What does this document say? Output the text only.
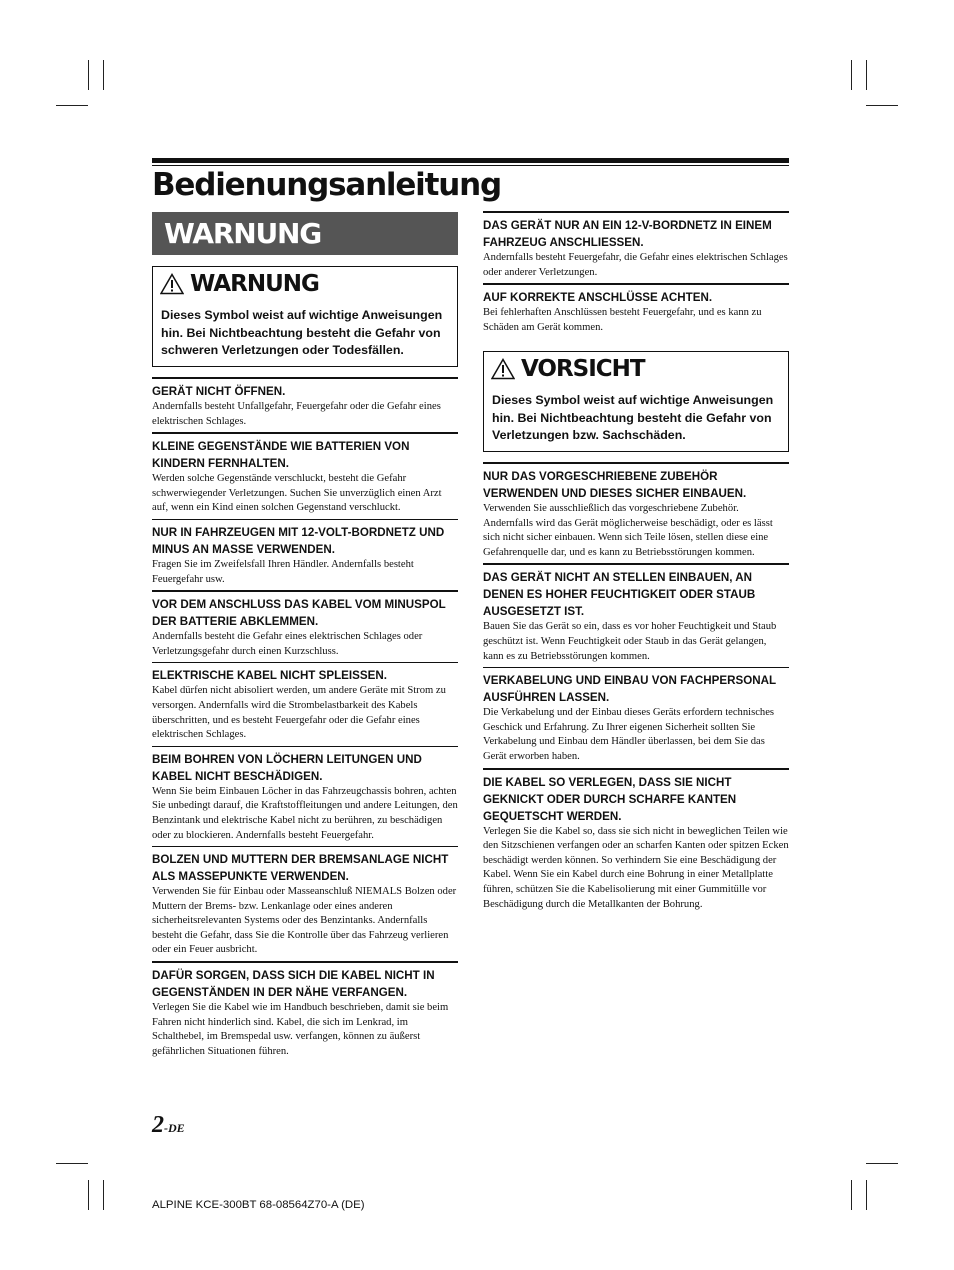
Bedienungsanleitung
WARNUNG
WARNUNG
Dieses Symbol weist auf wichtige Anweisungen hin. Bei Nichtbeachtung besteht die Gefahr von schweren Verletzungen oder Todesfällen.
GERÄT NICHT ÖFFNEN.
Andernfalls besteht Unfallgefahr, Feuergefahr oder die Gefahr eines elektrischen Schlages.
KLEINE GEGENSTÄNDE WIE BATTERIEN VON KINDERN FERNHALTEN.
Werden solche Gegenstände verschluckt, besteht die Gefahr schwerwiegender Verletzungen. Suchen Sie unverzüglich einen Arzt auf, wenn ein Kind einen solchen Gegenstand verschluckt.
NUR IN FAHRZEUGEN MIT 12-VOLT-BORDNETZ UND MINUS AN MASSE VERWENDEN.
Fragen Sie im Zweifelsfall Ihren Händler. Andernfalls besteht Feuergefahr usw.
VOR DEM ANSCHLUSS DAS KABEL VOM MINUSPOL DER BATTERIE ABKLEMMEN.
Andernfalls besteht die Gefahr eines elektrischen Schlages oder Verletzungsgefahr durch einen Kurzschluss.
ELEKTRISCHE KABEL NICHT SPLEISSEN.
Kabel dürfen nicht abisoliert werden, um andere Geräte mit Strom zu versorgen. Andernfalls wird die Strombelastbarkeit des Kabels überschritten, und es besteht Feuergefahr oder die Gefahr eines elektrischen Schlages.
BEIM BOHREN VON LÖCHERN LEITUNGEN UND KABEL NICHT BESCHÄDIGEN.
Wenn Sie beim Einbauen Löcher in das Fahrzeugchassis bohren, achten Sie unbedingt darauf, die Kraftstoffleitungen und andere Leitungen, den Benzintank und elektrische Kabel nicht zu berühren, zu beschädigen oder zu blockieren. Andernfalls besteht Feuergefahr.
BOLZEN UND MUTTERN DER BREMSANLAGE NICHT ALS MASSEPUNKTE VERWENDEN.
Verwenden Sie für Einbau oder Masseanschluß NIEMALS Bolzen oder Muttern der Brems- bzw. Lenkanlage oder eines anderen sicherheitsrelevanten Systems oder des Benzintanks. Andernfalls besteht die Gefahr, dass Sie die Kontrolle über das Fahrzeug verlieren oder ein Feuer ausbricht.
DAFÜR SORGEN, DASS SICH DIE KABEL NICHT IN GEGENSTÄNDEN IN DER NÄHE VERFANGEN.
Verlegen Sie die Kabel wie im Handbuch beschrieben, damit sie beim Fahren nicht hinderlich sind. Kabel, die sich im Lenkrad, im Schalthebel, im Bremspedal usw. verfangen, können zu äußerst gefährlichen Situationen führen.
DAS GERÄT NUR AN EIN 12-V-BORDNETZ IN EINEM FAHRZEUG ANSCHLIESSEN.
Andernfalls besteht Feuergefahr, die Gefahr eines elektrischen Schlages oder anderer Verletzungen.
AUF KORREKTE ANSCHLÜSSE ACHTEN.
Bei fehlerhaften Anschlüssen besteht Feuergefahr, und es kann zu Schäden am Gerät kommen.
VORSICHT
Dieses Symbol weist auf wichtige Anweisungen hin. Bei Nichtbeachtung besteht die Gefahr von Verletzungen bzw. Sachschäden.
NUR DAS VORGESCHRIEBENE ZUBEHÖR VERWENDEN UND DIESES SICHER EINBAUEN.
Verwenden Sie ausschließlich das vorgeschriebene Zubehör. Andernfalls wird das Gerät möglicherweise beschädigt, oder es lässt sich nicht sicher einbauen. Wenn sich Teile lösen, stellen diese eine Gefahrenquelle dar, und es kann zu Betriebsstörungen kommen.
DAS GERÄT NICHT AN STELLEN EINBAUEN, AN DENEN ES HOHER FEUCHTIGKEIT ODER STAUB AUSGESETZT IST.
Bauen Sie das Gerät so ein, dass es vor hoher Feuchtigkeit und Staub geschützt ist. Wenn Feuchtigkeit oder Staub in das Gerät gelangen, kann es zu Betriebsstörungen kommen.
VERKABELUNG UND EINBAU VON FACHPERSONAL AUSFÜHREN LASSEN.
Die Verkabelung und der Einbau dieses Geräts erfordern technisches Geschick und Erfahrung. Zu Ihrer eigenen Sicherheit sollten Sie Verkabelung und Einbau dem Händler überlassen, bei dem Sie das Gerät erworben haben.
DIE KABEL SO VERLEGEN, DASS SIE NICHT GEKNICKT ODER DURCH SCHARFE KANTEN GEQUETSCHT WERDEN.
Verlegen Sie die Kabel so, dass sie sich nicht in beweglichen Teilen wie den Sitzschienen verfangen oder an scharfen Kanten oder spitzen Ecken beschädigt werden können. So verhindern Sie eine Beschädigung der Kabel. Wenn Sie ein Kabel durch eine Bohrung in einer Metallplatte führen, schützen Sie die Kabelisolierung mit einer Gummitülle vor Beschädigung durch die Metallkanten der Bohrung.
2-DE
ALPINE KCE-300BT 68-08564Z70-A (DE)
